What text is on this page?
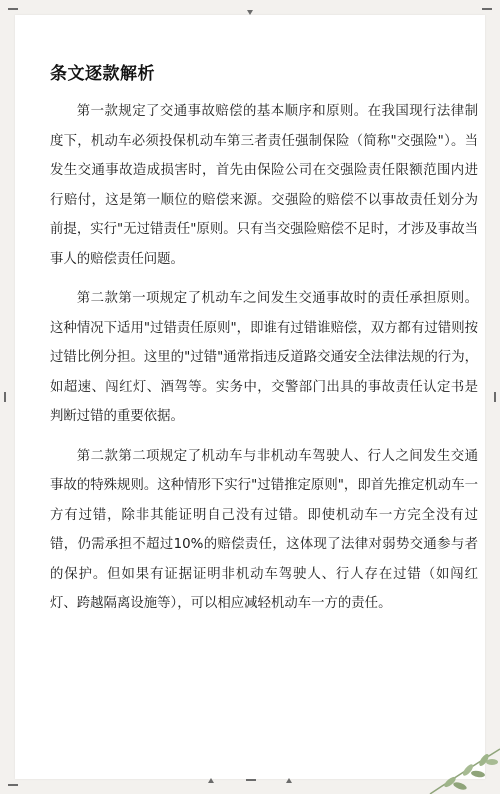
条文逐款解析

第一款规定了交通事故赔偿的基本顺序和原则。在我国现行法律制度下，机动车必须投保机动车第三者责任强制保险（简称"交强险"）。当发生交通事故造成损害时，首先由保险公司在交强险责任限额范围内进行赔付，这是第一顺位的赔偿来源。交强险的赔偿不以事故责任划分为前提，实行"无过错责任"原则。只有当交强险赔偿不足时，才涉及事故当事人的赔偿责任问题。

第二款第一项规定了机动车之间发生交通事故时的责任承担原则。这种情况下适用"过错责任原则"，即谁有过错谁赔偿，双方都有过错则按过错比例分担。这里的"过错"通常指违反道路交通安全法律法规的行为，如超速、闯红灯、酒驾等。实务中，交警部门出具的事故责任认定书是判断过错的重要依据。

第二款第二项规定了机动车与非机动车驾驶人、行人之间发生交通事故的特殊规则。这种情形下实行"过错推定原则"，即首先推定机动车一方有过错，除非其能证明自己没有过错。即使机动车一方完全没有过错，仍需承担不超过10%的赔偿责任，这体现了法律对弱势交通参与者的保护。但如果有证据证明非机动车驾驶人、行人存在过错（如闯红灯、跨越隔离设施等），可以相应减轻机动车一方的责任。
